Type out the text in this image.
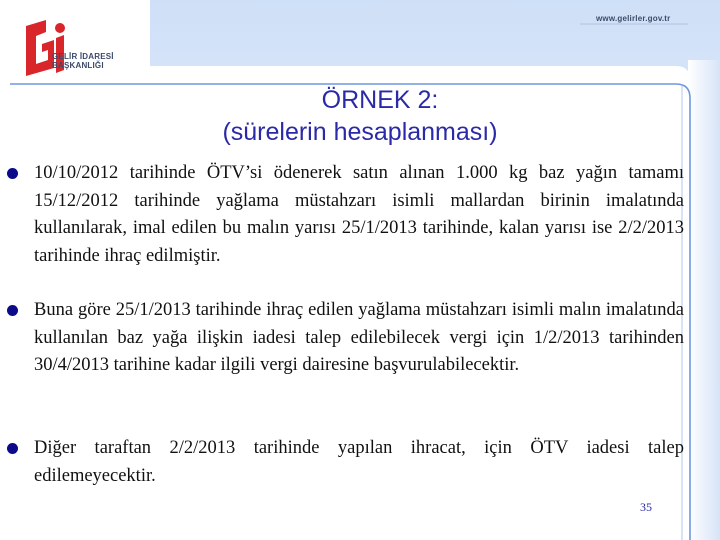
GELİR İDARESİ
BAŞKANLIĞI
www.gelirler.gov.tr
ÖRNEK 2:
(sürelerin hesaplanması)
10/10/2012 tarihinde ÖTV’si ödenerek satın alınan 1.000 kg baz yağın tamamı 15/12/2012 tarihinde yağlama müstahzarı isimli mallardan birinin imalatında kullanılarak, imal edilen bu malın yarısı 25/1/2013 tarihinde, kalan yarısı ise 2/2/2013 tarihinde ihraç edilmiştir.
Buna göre 25/1/2013 tarihinde ihraç edilen yağlama müstahzarı isimli malın imalatında kullanılan baz yağa ilişkin iadesi talep edilebilecek vergi için 1/2/2013 tarihinden 30/4/2013 tarihine kadar ilgili vergi dairesine başvurulabilecektir.
Diğer taraftan 2/2/2013 tarihinde yapılan ihracat, için ÖTV iadesi talep edilemeyecektir.
35
